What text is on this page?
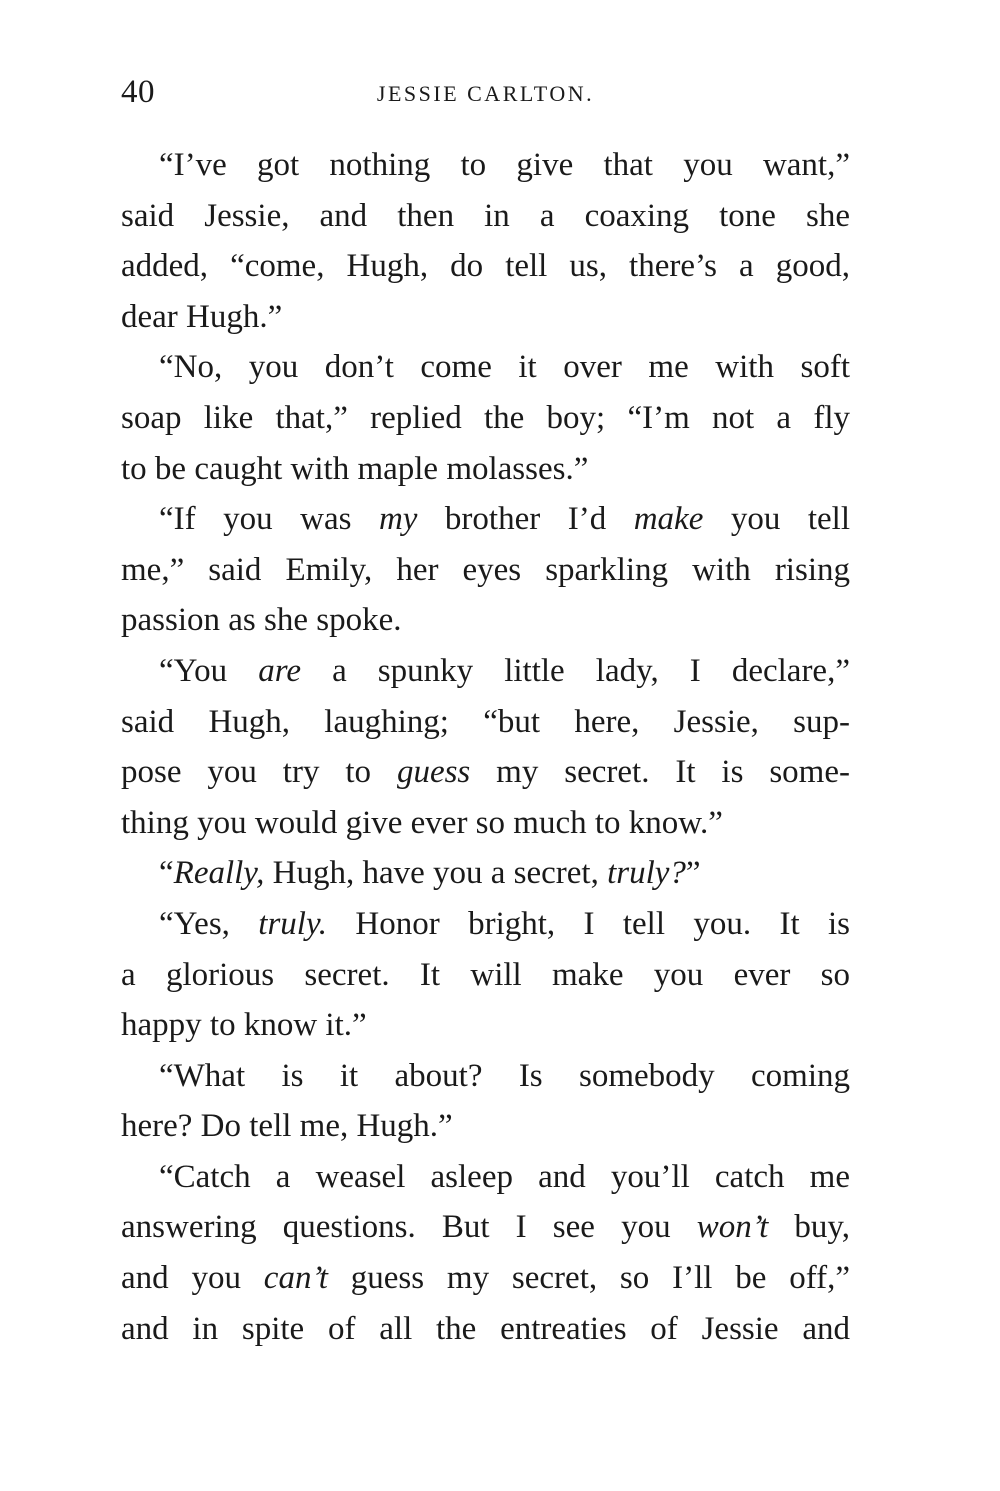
40	JESSIE CARLTON.
“I’ve got nothing to give that you want,”
said Jessie, and then in a coaxing tone she
added, “come, Hugh, do tell us, there’s a good,
dear Hugh.”
“No, you don’t come it over me with soft
soap like that,” replied the boy; “I’m not a fly
to be caught with maple molasses.”
“If you was my brother I’d make you tell
me,” said Emily, her eyes sparkling with rising
passion as she spoke.
“You are a spunky little lady, I declare,”
said Hugh, laughing; “but here, Jessie, sup-
pose you try to guess my secret. It is some-
thing you would give ever so much to know.”
“Really, Hugh, have you a secret, truly?”
“Yes, truly. Honor bright, I tell you. It is
a glorious secret. It will make you ever so
happy to know it.”
“What is it about? Is somebody coming
here? Do tell me, Hugh.”
“Catch a weasel asleep and you’ll catch me
answering questions. But I see you won’t buy,
and you can’t guess my secret, so I’ll be off,”
and in spite of all the entreaties of Jessie and
